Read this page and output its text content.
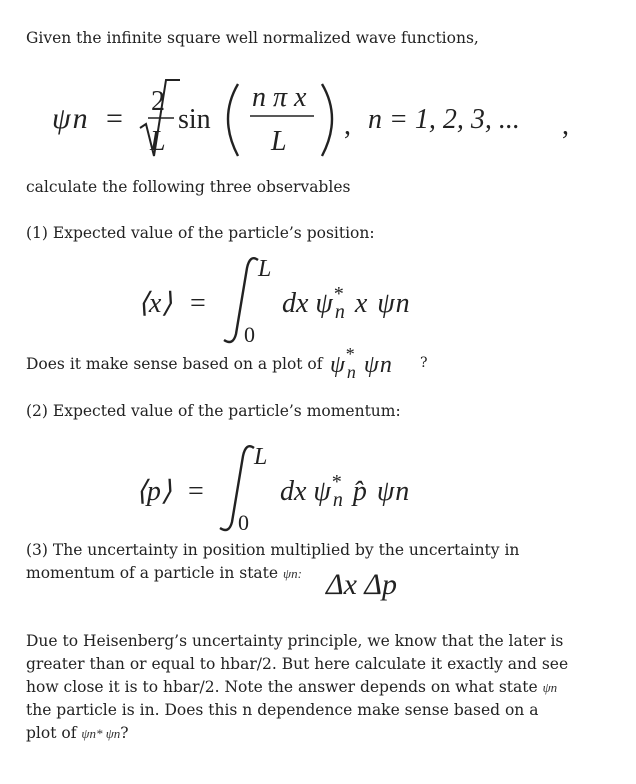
Given the infinite square well normalized wave functions,
ψn =
2
L
sin
n π x
L
, n = 1, 2, 3, ... ,
calculate the following three observables
(1) Expected value of the particle’s position:
⟨x⟩ =
L
0
dx ψ* n x ψn
Does it make sense based on a plot of ψ* n ψn ?
(2) Expected value of the particle’s momentum:
⟨p⟩ =
L
0
dx ψ* n p̂ ψn
(3) The uncertainty in position multiplied by the uncertainty in
momentum of a particle in state ψn: Δx Δp
Due to Heisenberg’s uncertainty principle, we know that the later is
greater than or equal to hbar/2. But here calculate it exactly and see
how close it is to hbar/2. Note the answer depends on what state ψn
the particle is in. Does this n dependence make sense based on a
plot of ψn* ψn?
